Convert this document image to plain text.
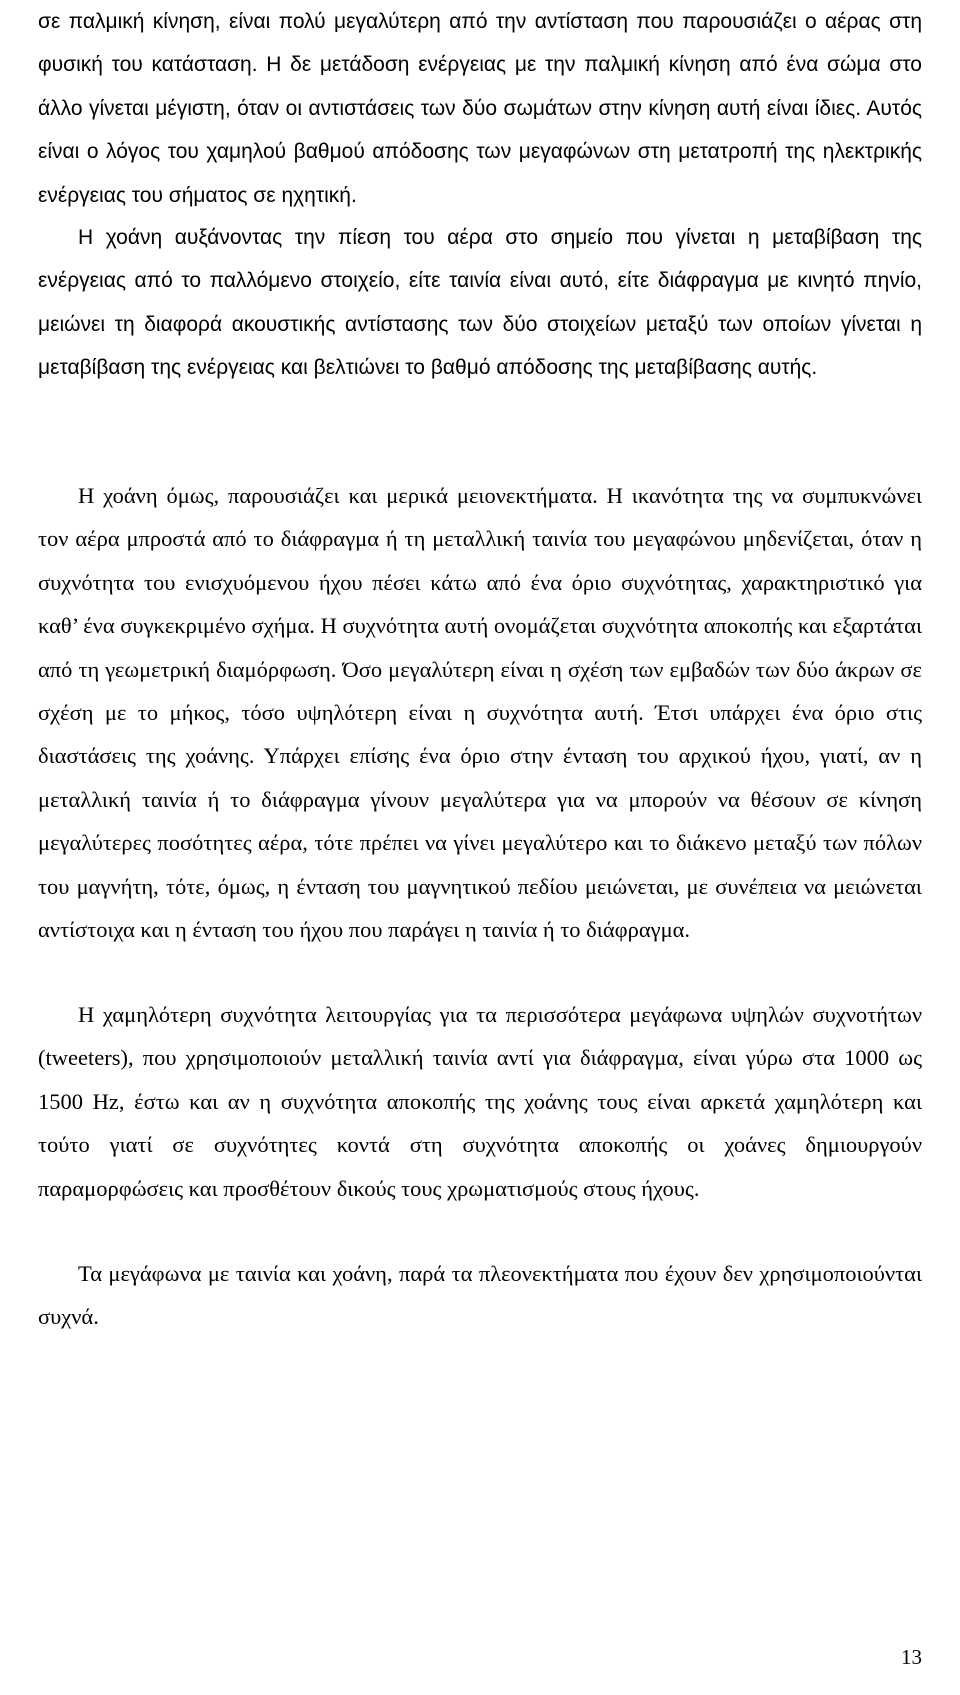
σε παλμική κίνηση, είναι πολύ μεγαλύτερη από την αντίσταση που παρουσιάζει ο αέρας στη φυσική του κατάσταση. Η δε μετάδοση ενέργειας με την παλμική κίνηση από ένα σώμα στο άλλο γίνεται μέγιστη, όταν οι αντιστάσεις των δύο σωμάτων στην κίνηση αυτή είναι ίδιες. Αυτός είναι ο λόγος του χαμηλού βαθμού απόδοσης των μεγαφώνων στη μετατροπή της ηλεκτρικής ενέργειας του σήματος σε ηχητική.

Η χοάνη αυξάνοντας την πίεση του αέρα στο σημείο που γίνεται η μεταβίβαση της ενέργειας από το παλλόμενο στοιχείο, είτε ταινία είναι αυτό, είτε διάφραγμα με κινητό πηνίο, μειώνει τη διαφορά ακουστικής αντίστασης των δύο στοιχείων μεταξύ των οποίων γίνεται η μεταβίβαση της ενέργειας και βελτιώνει το βαθμό απόδοσης της μεταβίβασης αυτής.

Η χοάνη όμως, παρουσιάζει και μερικά μειονεκτήματα. Η ικανότητα της να συμπυκνώνει τον αέρα μπροστά από το διάφραγμα ή τη μεταλλική ταινία του μεγαφώνου μηδενίζεται, όταν η συχνότητα του ενισχυόμενου ήχου πέσει κάτω από ένα όριο συχνότητας, χαρακτηριστικό για καθ’ ένα συγκεκριμένο σχήμα. Η συχνότητα αυτή ονομάζεται συχνότητα αποκοπής και εξαρτάται από τη γεωμετρική διαμόρφωση. Όσο μεγαλύτερη είναι η σχέση των εμβαδών των δύο άκρων σε σχέση με το μήκος, τόσο υψηλότερη είναι η συχνότητα αυτή. Έτσι υπάρχει ένα όριο στις διαστάσεις της χοάνης. Υπάρχει επίσης ένα όριο στην ένταση του αρχικού ήχου, γιατί, αν η μεταλλική ταινία ή το διάφραγμα γίνουν μεγαλύτερα για να μπορούν να θέσουν σε κίνηση μεγαλύτερες ποσότητες αέρα, τότε πρέπει να γίνει μεγαλύτερο και το διάκενο μεταξύ των πόλων του μαγνήτη, τότε, όμως, η ένταση του μαγνητικού πεδίου μειώνεται, με συνέπεια να μειώνεται αντίστοιχα και η ένταση του ήχου που παράγει η ταινία ή το διάφραγμα.

Η χαμηλότερη συχνότητα λειτουργίας για τα περισσότερα μεγάφωνα υψηλών συχνοτήτων (tweeters), που χρησιμοποιούν μεταλλική ταινία αντί για διάφραγμα, είναι γύρω στα 1000 ως 1500 Hz, έστω και αν η συχνότητα αποκοπής της χοάνης τους είναι αρκετά χαμηλότερη και τούτο γιατί σε συχνότητες κοντά στη συχνότητα αποκοπής οι χοάνες δημιουργούν παραμορφώσεις και προσθέτουν δικούς τους χρωματισμούς στους ήχους.

Τα μεγάφωνα με ταινία και χοάνη, παρά τα πλεονεκτήματα που έχουν δεν χρησιμοποιούνται συχνά.

13
